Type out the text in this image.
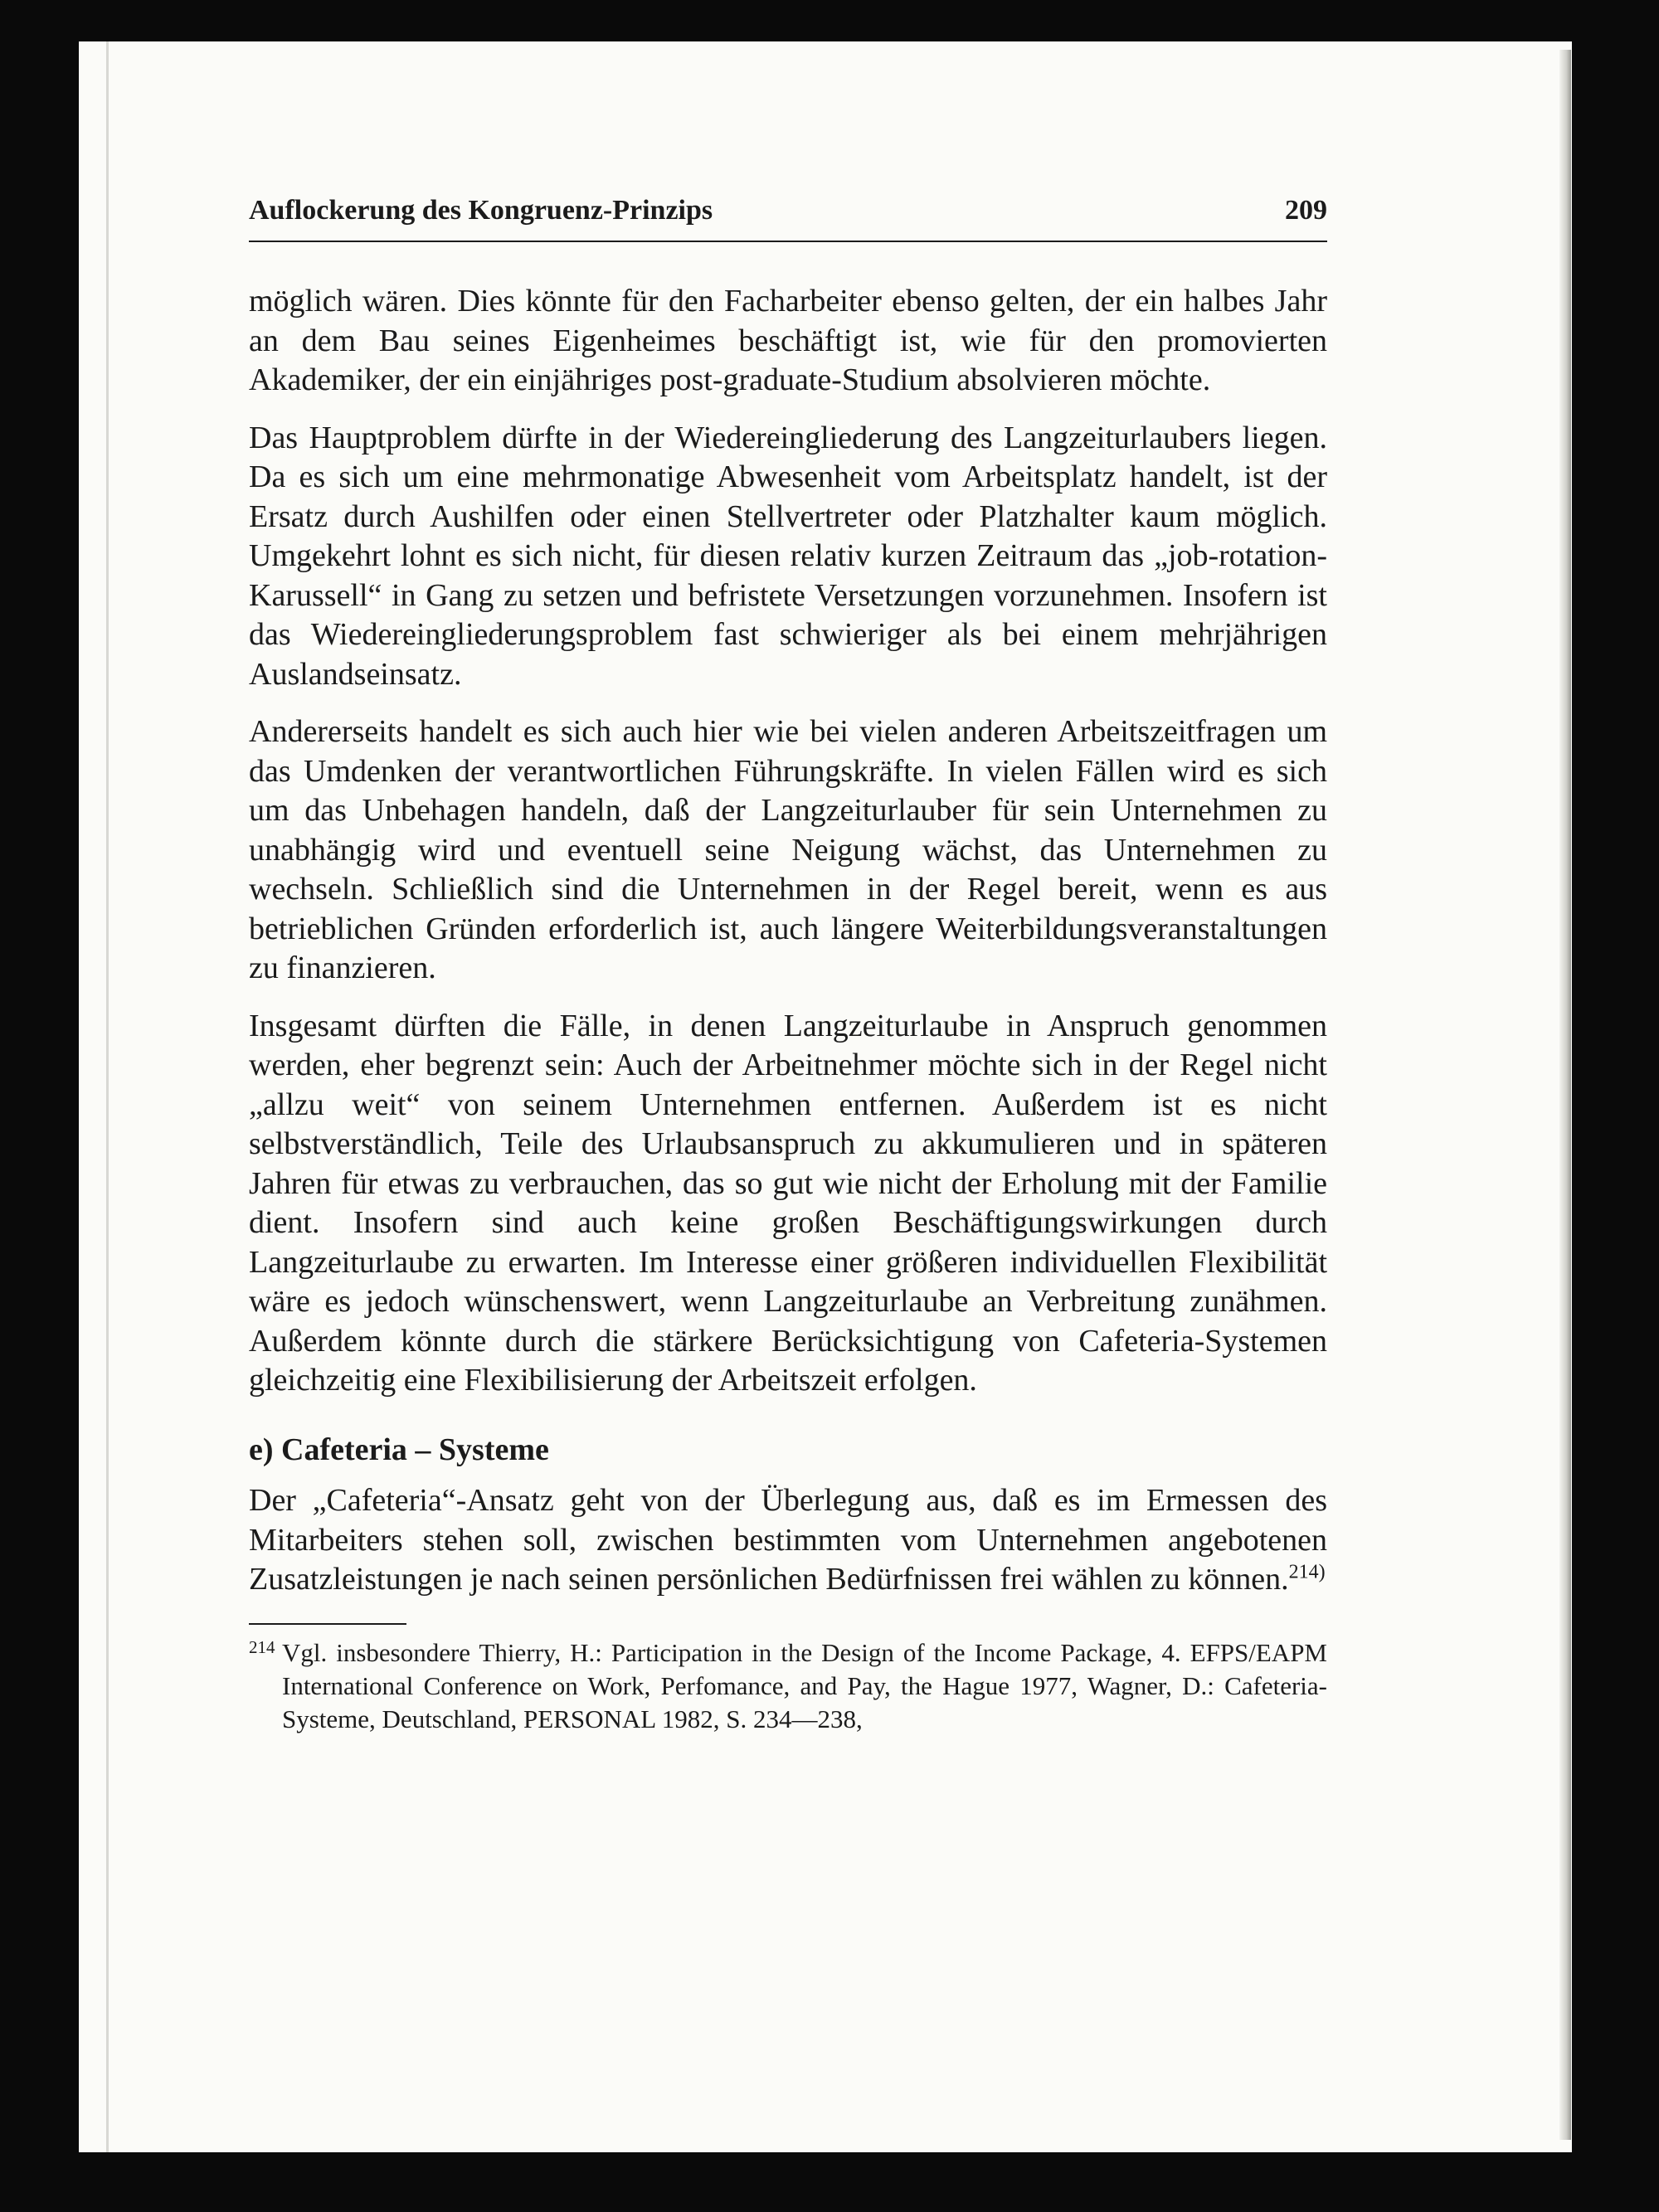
Auflockerung des Kongruenz-Prinzips	209

möglich wären. Dies könnte für den Facharbeiter ebenso gelten, der ein halbes Jahr an dem Bau seines Eigenheimes beschäftigt ist, wie für den promovierten Akademiker, der ein einjähriges post-graduate-Studium absolvieren möchte.

Das Hauptproblem dürfte in der Wiedereingliederung des Langzeiturlaubers liegen. Da es sich um eine mehrmonatige Abwesenheit vom Arbeitsplatz handelt, ist der Ersatz durch Aushilfen oder einen Stellvertreter oder Platzhalter kaum möglich. Umgekehrt lohnt es sich nicht, für diesen relativ kurzen Zeitraum das „job-rotation-Karussell“ in Gang zu setzen und befristete Versetzungen vorzunehmen. Insofern ist das Wiedereingliederungsproblem fast schwieriger als bei einem mehrjährigen Auslandseinsatz.

Andererseits handelt es sich auch hier wie bei vielen anderen Arbeitszeitfragen um das Umdenken der verantwortlichen Führungskräfte. In vielen Fällen wird es sich um das Unbehagen handeln, daß der Langzeiturlauber für sein Unternehmen zu unabhängig wird und eventuell seine Neigung wächst, das Unternehmen zu wechseln. Schließlich sind die Unternehmen in der Regel bereit, wenn es aus betrieblichen Gründen erforderlich ist, auch längere Weiterbildungsveranstaltungen zu finanzieren.

Insgesamt dürften die Fälle, in denen Langzeiturlaube in Anspruch genommen werden, eher begrenzt sein: Auch der Arbeitnehmer möchte sich in der Regel nicht „allzu weit“ von seinem Unternehmen entfernen. Außerdem ist es nicht selbstverständlich, Teile des Urlaubsanspruch zu akkumulieren und in späteren Jahren für etwas zu verbrauchen, das so gut wie nicht der Erholung mit der Familie dient. Insofern sind auch keine großen Beschäftigungswirkungen durch Langzeiturlaube zu erwarten. Im Interesse einer größeren individuellen Flexibilität wäre es jedoch wünschenswert, wenn Langzeiturlaube an Verbreitung zunähmen. Außerdem könnte durch die stärkere Berücksichtigung von Cafeteria-Systemen gleichzeitig eine Flexibilisierung der Arbeitszeit erfolgen.

e) Cafeteria – Systeme

Der „Cafeteria“-Ansatz geht von der Überlegung aus, daß es im Ermessen des Mitarbeiters stehen soll, zwischen bestimmten vom Unternehmen angebotenen Zusatzleistungen je nach seinen persönlichen Bedürfnissen frei wählen zu können.$^{214)}$

214 Vgl. insbesondere Thierry, H.: Participation in the Design of the Income Package, 4. EFPS/EAPM International Conference on Work, Perfomance, and Pay, the Hague 1977, Wagner, D.: Cafeteria-Systeme, Deutschland, PERSONAL 1982, S. 234—238,
